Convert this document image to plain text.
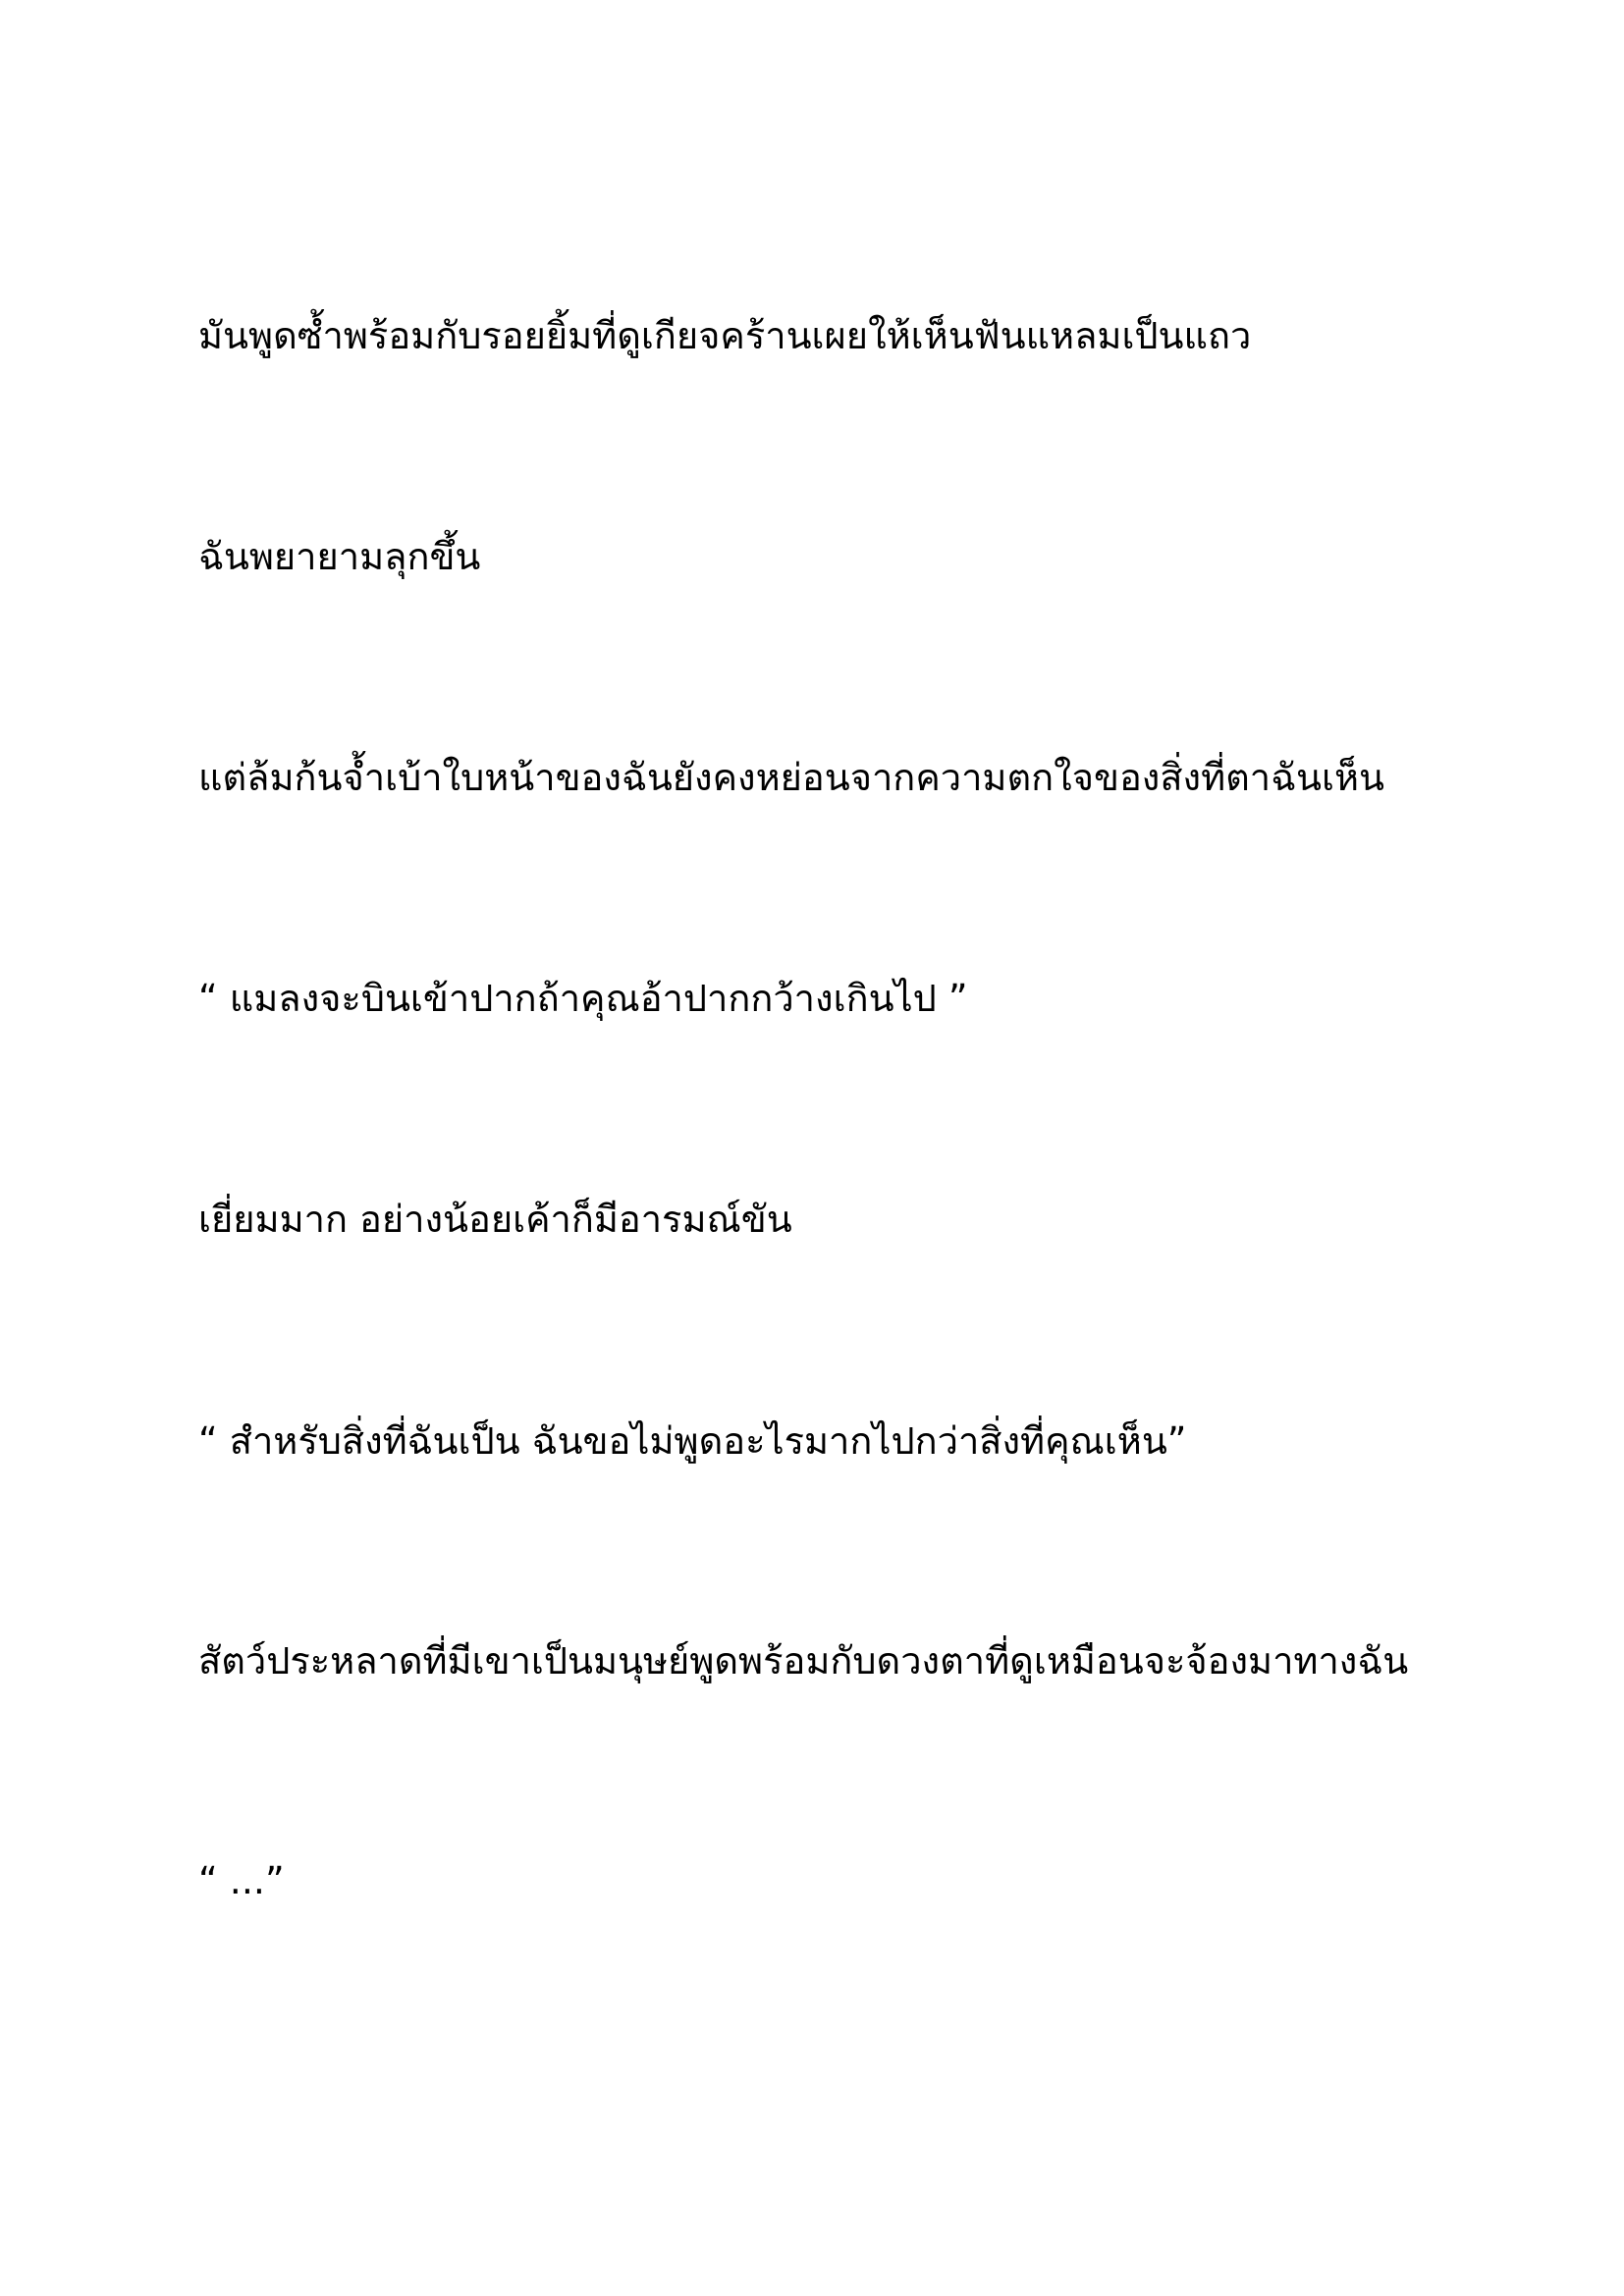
มันพูดซ้ำพร้อมกับรอยยิ้มที่ดูเกียจคร้านเผยให้เห็นฟันแหลมเป็นแถว

ฉันพยายามลุกขึ้น

แต่ล้มก้นจ้ำเบ้าใบหน้าของฉันยังคงหย่อนจากความตกใจของสิ่งที่ตาฉันเห็น

“ แมลงจะบินเข้าปากถ้าคุณอ้าปากกว้างเกินไป ”

เยี่ยมมาก อย่างน้อยเค้าก็มีอารมณ์ขัน

“ สำหรับสิ่งที่ฉันเป็น ฉันขอไม่พูดอะไรมากไปกว่าสิ่งที่คุณเห็น”

สัตว์ประหลาดที่มีเขาเป็นมนุษย์พูดพร้อมกับดวงตาที่ดูเหมือนจะจ้องมาทางฉัน

“ ...”
